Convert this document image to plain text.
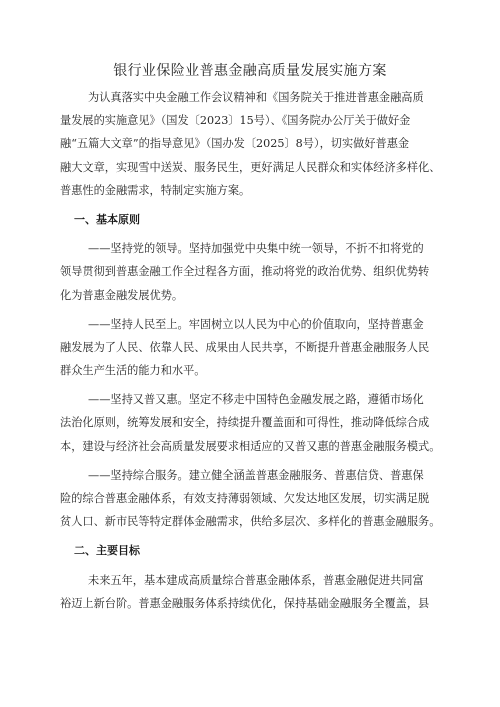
银行业保险业普惠金融高质量发展实施方案
为认真落实中央金融工作会议精神和《国务院关于推进普惠金融高质
量发展的实施意见》（国发〔2023〕15号）、《国务院办公厅关于做好金
融“五篇大文章”的指导意见》（国办发〔2025〕8号），切实做好普惠金
融大文章，实现雪中送炭、服务民生，更好满足人民群众和实体经济多样化、
普惠性的金融需求，特制定实施方案。
一、基本原则
——坚持党的领导。坚持加强党中央集中统一领导，不折不扣将党的
领导贯彻到普惠金融工作全过程各方面，推动将党的政治优势、组织优势转
化为普惠金融发展优势。
——坚持人民至上。牢固树立以人民为中心的价值取向，坚持普惠金
融发展为了人民、依靠人民、成果由人民共享，不断提升普惠金融服务人民
群众生产生活的能力和水平。
——坚持又普又惠。坚定不移走中国特色金融发展之路，遵循市场化
法治化原则，统筹发展和安全，持续提升覆盖面和可得性，推动降低综合成
本，建设与经济社会高质量发展要求相适应的又普又惠的普惠金融服务模式。
——坚持综合服务。建立健全涵盖普惠金融服务、普惠信贷、普惠保
险的综合普惠金融体系，有效支持薄弱领域、欠发达地区发展，切实满足脱
贫人口、新市民等特定群体金融需求，供给多层次、多样化的普惠金融服务。
二、主要目标
未来五年，基本建成高质量综合普惠金融体系，普惠金融促进共同富
裕迈上新台阶。普惠金融服务体系持续优化，保持基础金融服务全覆盖，县
